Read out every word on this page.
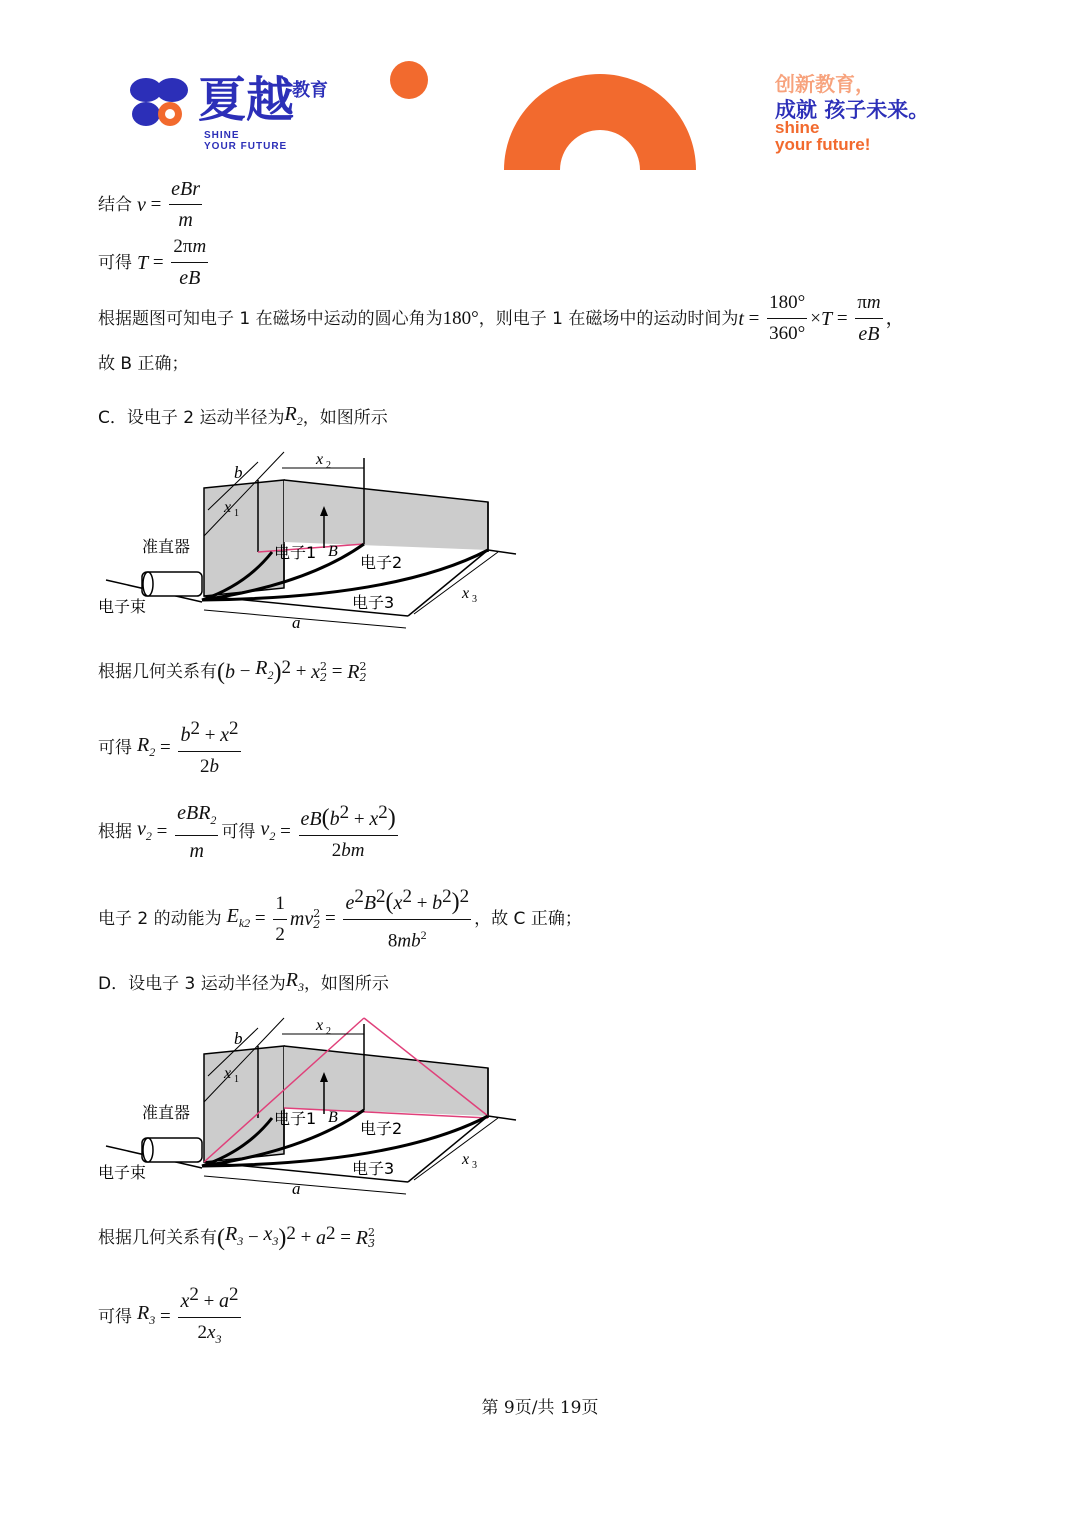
夏越
教育
SHINE
YOUR FUTURE
创新教育，
成就 孩子未来。
shine
your future!
结合 $v = \frac{\text{eBr}}{m}$
可得 $T = \frac{2\pi m}{eB}$
根据题图可知电子 1 在磁场中运动的圆心角为 180° ，则电子 1 在磁场中的运动时间为 $t = \frac{180^\circ}{360^\circ} \times T = \frac{\pi m}{eB}$ ，
故 B 正确；
C．设电子 2 运动半径为 $R_2$ ，如图所示
b
x 1
x 2
x 3
a
B
准直器
电子束
电子1
电子2
电子3
根据几何关系有 ( $b - R_2$ ) 2 + x 2
2 = R 2
2
可得 $R_2 = \frac{b^2 + x^2}{2b}$
根据 $v_2 = \frac{eBR_2}{m}$ 可得 $v_2 = \frac{eB(b^2 + x^2)}{2bm}$
电子 2 的动能为 $E_{k2} = \frac{1}{2}$ mv 2
$2 = \frac{e^2B^2(x^2 + b^2)^2}{8mb^2}$ ，故 C 正确；
D．设电子 3 运动半径为 $R_3$ ，如图所示
b
x 1
x 2
x 3
a
B
准直器
电子束
电子1
电子2
电子3
根据几何关系有 ( $R_3 - x_3$ ) 2 + a 2 = R 2
3
可得 $R_3 = \frac{x^2 + a^2}{2x_3}$
第 9页/共 19页
